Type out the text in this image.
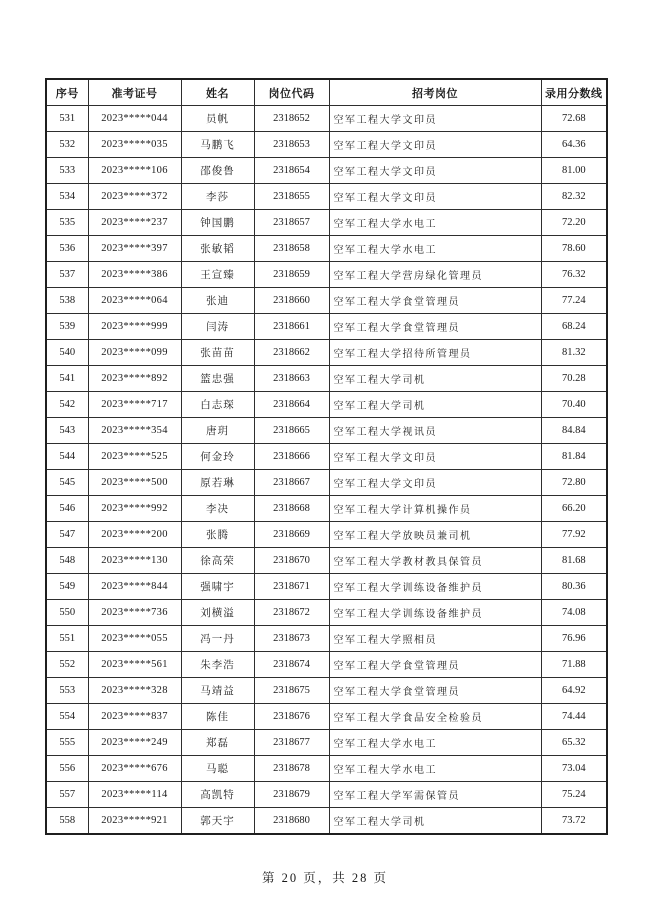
序号	准考证号	姓名	岗位代码	招考岗位	录用分数线
531	2023*****044	员帆	2318652	空军工程大学文印员	72.68
532	2023*****035	马鹏飞	2318653	空军工程大学文印员	64.36
533	2023*****106	邵俊鲁	2318654	空军工程大学文印员	81.00
534	2023*****372	李莎	2318655	空军工程大学文印员	82.32
535	2023*****237	钟国鹏	2318657	空军工程大学水电工	72.20
536	2023*****397	张敏韬	2318658	空军工程大学水电工	78.60
537	2023*****386	王宣臻	2318659	空军工程大学营房绿化管理员	76.32
538	2023*****064	张迪	2318660	空军工程大学食堂管理员	77.24
539	2023*****999	闫涛	2318661	空军工程大学食堂管理员	68.24
540	2023*****099	张苗苗	2318662	空军工程大学招待所管理员	81.32
541	2023*****892	篮忠强	2318663	空军工程大学司机	70.28
542	2023*****717	白志琛	2318664	空军工程大学司机	70.40
543	2023*****354	唐玥	2318665	空军工程大学视讯员	84.84
544	2023*****525	何金玲	2318666	空军工程大学文印员	81.84
545	2023*****500	原若琳	2318667	空军工程大学文印员	72.80
546	2023*****992	李决	2318668	空军工程大学计算机操作员	66.20
547	2023*****200	张腾	2318669	空军工程大学放映员兼司机	77.92
548	2023*****130	徐高荣	2318670	空军工程大学教材教具保管员	81.68
549	2023*****844	强啸宇	2318671	空军工程大学训练设备维护员	80.36
550	2023*****736	刘横溢	2318672	空军工程大学训练设备维护员	74.08
551	2023*****055	冯一丹	2318673	空军工程大学照相员	76.96
552	2023*****561	朱李浩	2318674	空军工程大学食堂管理员	71.88
553	2023*****328	马靖益	2318675	空军工程大学食堂管理员	64.92
554	2023*****837	陈佳	2318676	空军工程大学食品安全检验员	74.44
555	2023*****249	郑磊	2318677	空军工程大学水电工	65.32
556	2023*****676	马聪	2318678	空军工程大学水电工	73.04
557	2023*****114	高凯特	2318679	空军工程大学军需保管员	75.24
558	2023*****921	郭天宇	2318680	空军工程大学司机	73.72
第 20 页，共 28 页
